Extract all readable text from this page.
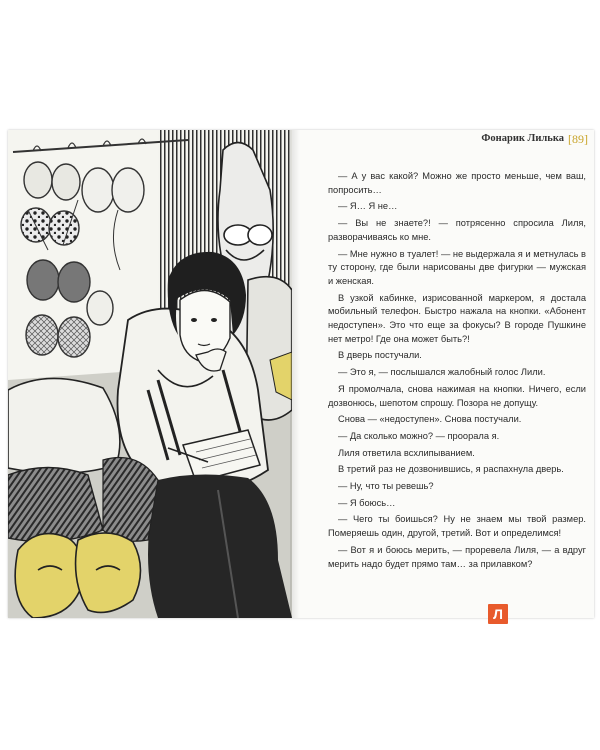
Фонарик Лилька [89]

— А у вас какой? Можно же просто меньше, чем ваш, попросить…

— Я… Я не…

— Вы не знаете?! — потрясенно спросила Лиля, разворачиваясь ко мне.

— Мне нужно в туалет! — не выдержала я и метнулась в ту сторону, где были нарисованы две фигурки — мужская и женская.

В узкой кабинке, изрисованной маркером, я достала мобильный телефон. Быстро нажала на кнопки. «Абонент недоступен». Это что еще за фокусы? В городе Пушкине нет метро! Где она может быть?!

В дверь постучали.

— Это я, — послышался жалобный голос Лили.

Я промолчала, снова нажимая на кнопки. Ничего, если дозвонюсь, шепотом спрошу. Позора не допущу.

Снова — «недоступен». Снова постучали.

— Да сколько можно? — проорала я.

Лиля ответила всхлипыванием.

В третий раз не дозвонившись, я распахнула дверь.

— Ну, что ты ревешь?

— Я боюсь…

— Чего ты боишься? Ну не знаем мы твой размер. Померяешь один, другой, третий. Вот и определимся!

— Вот я и боюсь мерить, — проревела Лиля, — а вдруг мерить надо будет прямо там… за прилавком?

Л
